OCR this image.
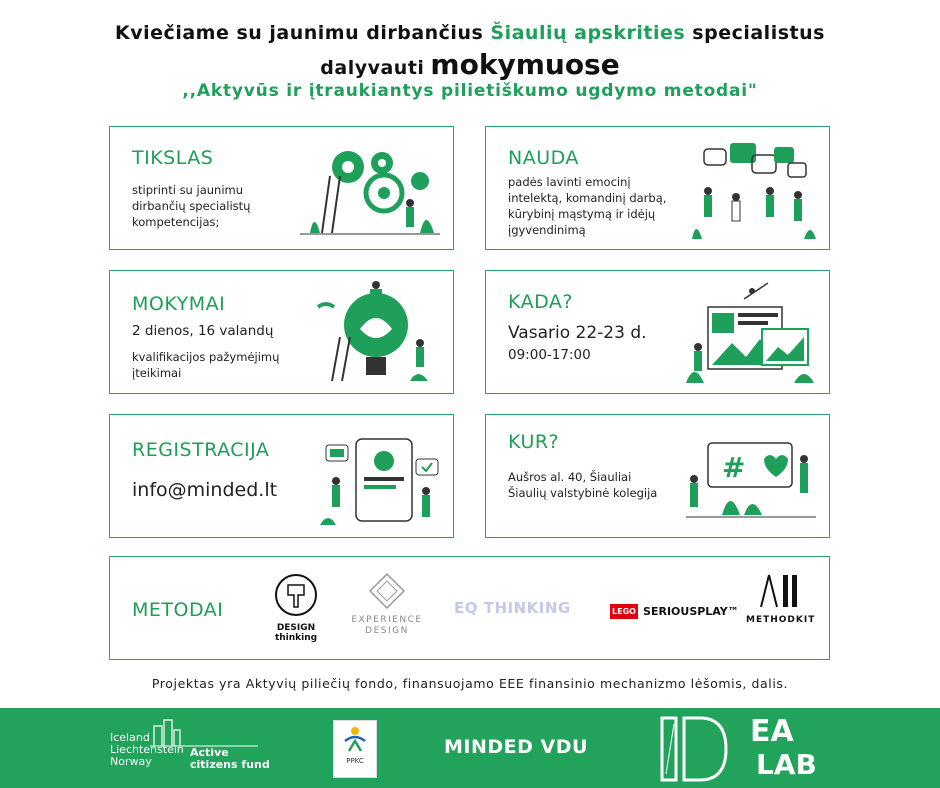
Kviečiame su jaunimu dirbančius Šiaulių apskrities specialistus
dalyvauti mokymuose
,,Aktyvūs ir įtraukiantys pilietiškumo ugdymo metodai"
TIKSLAS
stiprinti su jaunimu dirbančių specialistų kompetencijas;
NAUDA
padės lavinti emocinį intelektą, komandinį darbą, kūrybinį mąstymą ir idėjų įgyvendinimą
MOKYMAI
2 dienos, 16 valandų
kvalifikacijos pažymėjimų įteikimai
KADA?
Vasario 22-23 d.
09:00-17:00
REGISTRACIJA
info@minded.lt
KUR?
Aušros al. 40, Šiauliai
Šiaulių valstybinė kolegija
#
METODAI
DESIGN
thinking
EXPERIENCE
DESIGN
EQ THINKING	LEGO SERIOUSPLAY™
METHODKIT
Projektas yra Aktyvių piliečių fondo, finansuojamo EEE finansinio mechanizmo lėšomis, dalis.
Iceland
Liechtenstein
Norway
Active
citizens fund	PPKC
MINDED VDU	EA
LAB
